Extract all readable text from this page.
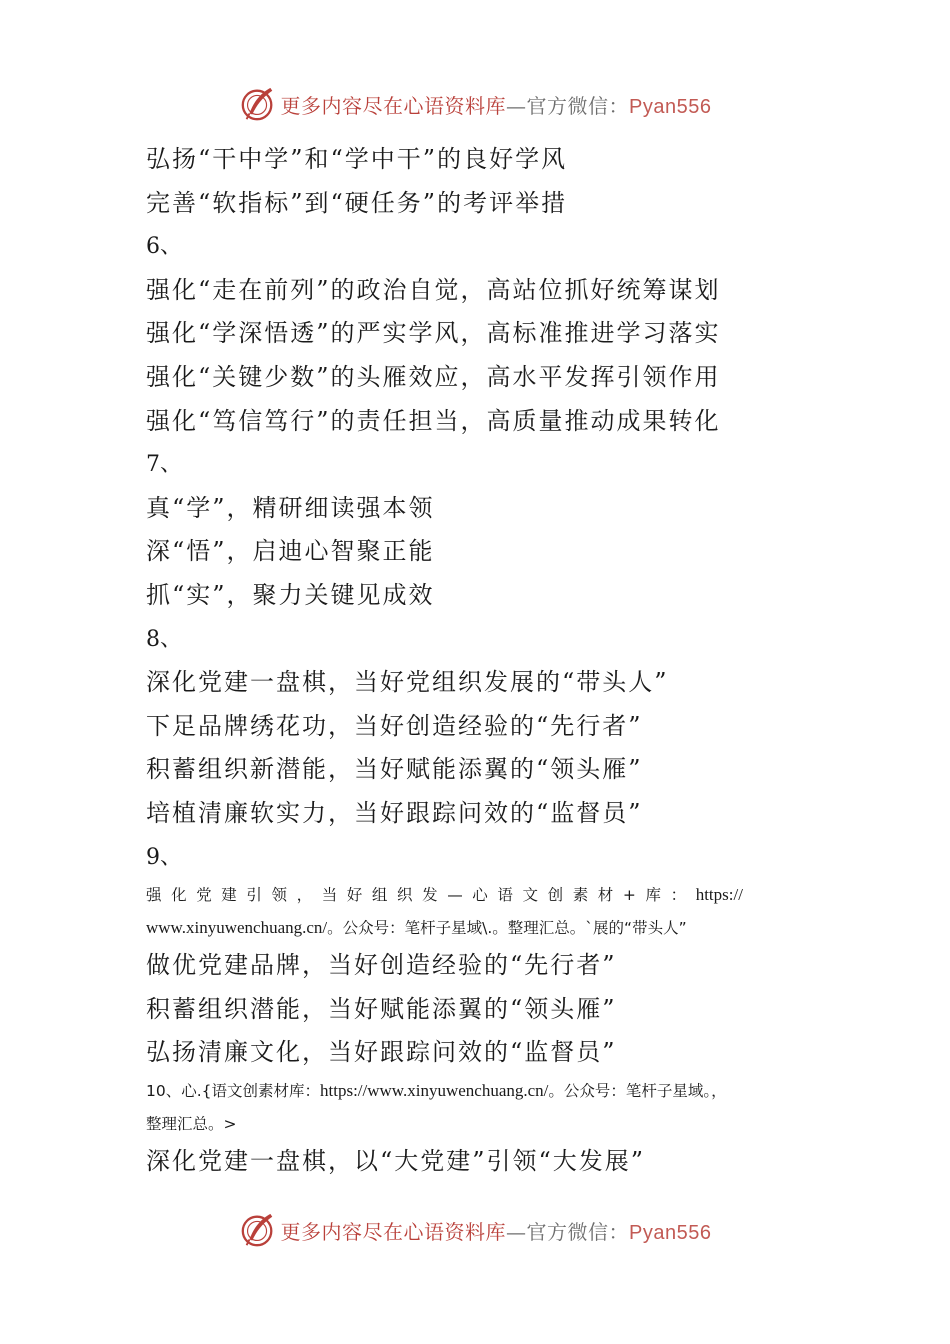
更多内容尽在心语资料库—官方微信：Pyan556
弘扬“干中学”和“学中干”的良好学风
完善“软指标”到“硬任务”的考评举措
6、
强化“走在前列”的政治自觉，高站位抓好统筹谋划
强化“学深悟透”的严实学风，高标准推进学习落实
强化“关键少数”的头雁效应，高水平发挥引领作用
强化“笃信笃行”的责任担当，高质量推动成果转化
7、
真“学”，精研细读强本领
深“悟”，启迪心智聚正能
抓“实”，聚力关键见成效
8、
深化党建一盘棋，当好党组织发展的“带头人”
下足品牌绣花功，当好创造经验的“先行者”
积蓄组织新潜能，当好赋能添翼的“领头雁”
培植清廉软实力，当好跟踪问效的“监督员”
9、
强化党建引领，当好组织发—心语文创素材+库：https://
www.xinyuwenchuang.cn/。公众号：笔杆子星域\.。整理汇总。`展的“带头人”
做优党建品牌，当好创造经验的“先行者”
积蓄组织潜能，当好赋能添翼的“领头雁”
弘扬清廉文化，当好跟踪问效的“监督员”
10、心.{语文创素材库：https://www.xinyuwenchuang.cn/。公众号：笔杆子星域。，
整理汇总。>
深化党建一盘棋，以“大党建”引领“大发展”
更多内容尽在心语资料库—官方微信：Pyan556
